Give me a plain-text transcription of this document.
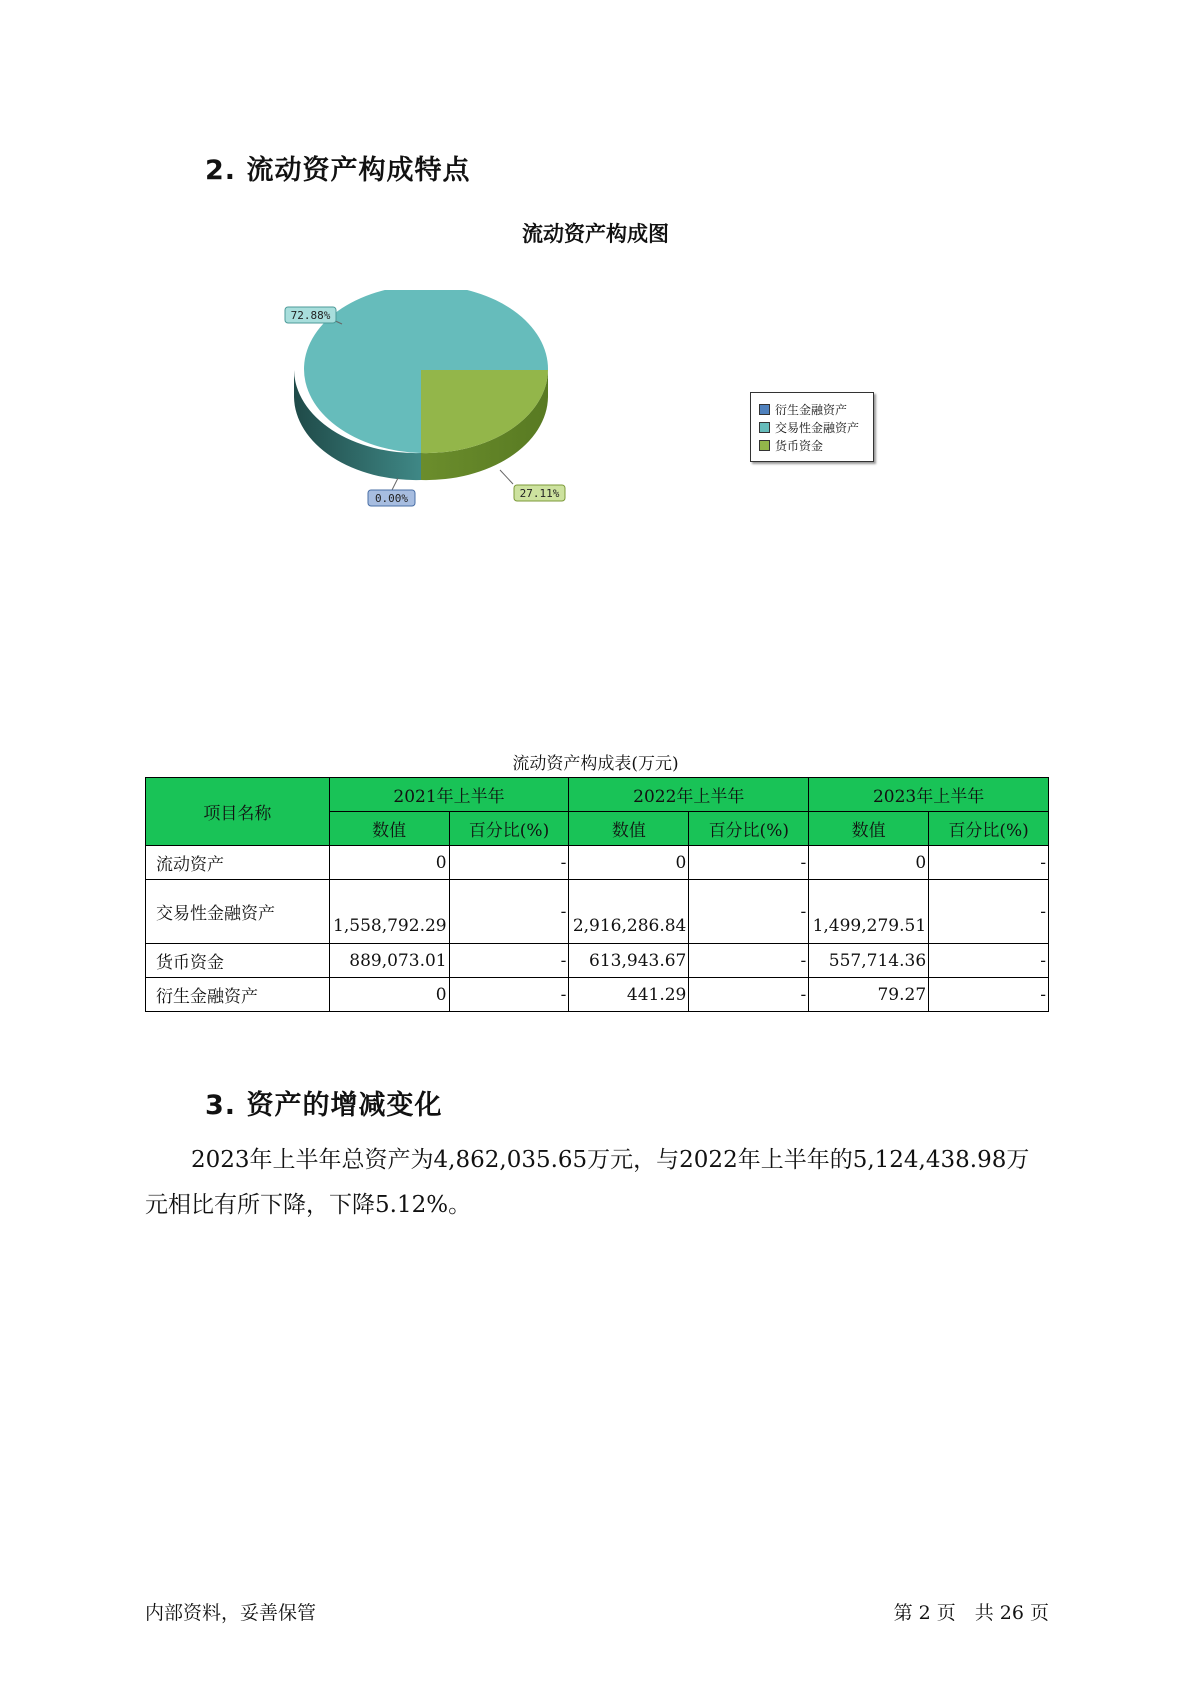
2. 流动资产构成特点
流动资产构成图
72.88%
27.11%
0.00%
衍生金融资产
交易性金融资产
货币资金
流动资产构成表(万元)
项目名称	2021年上半年		2022年上半年		2023年上半年	
	数值	百分比(%)	数值	百分比(%)	数值	百分比(%)
流动资产	0	-	0	-	0	-
交易性金融资产	1,558,792.29	-	2,916,286.84	-	1,499,279.51	-
货币资金	889,073.01	-	613,943.67	-	557,714.36	-
衍生金融资产	0	-	441.29	-	79.27	-
3. 资产的增减变化
2023年上半年总资产为4,862,035.65万元，与2022年上半年的5,124,438.98万元相比有所下降，下降5.12%。
内部资料，妥善保管	第 2 页　共 26 页
